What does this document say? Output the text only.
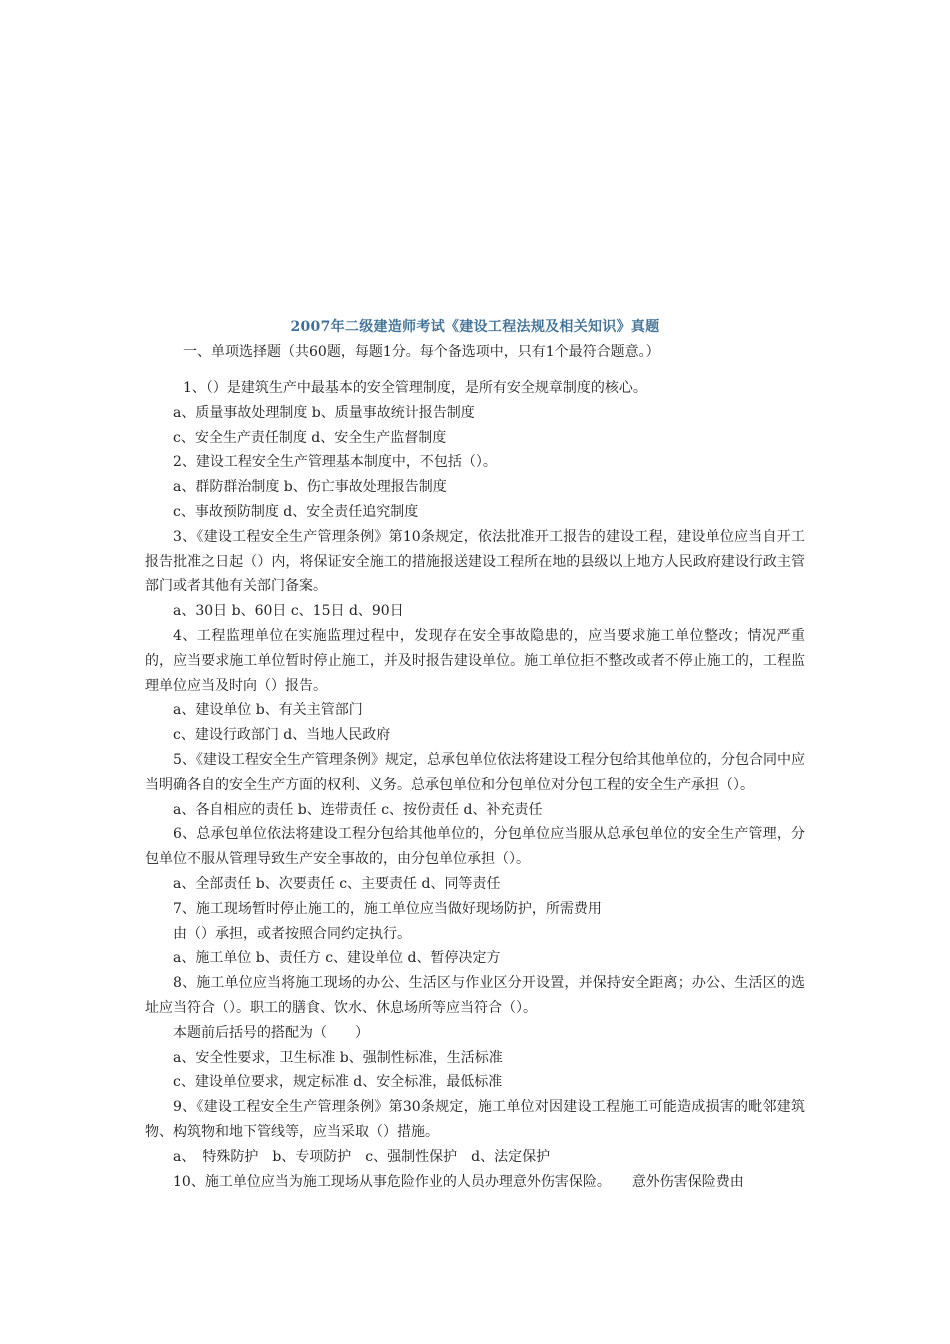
2007年二级建造师考试《建设工程法规及相关知识》真题
一、单项选择题（共60题，每题1分。每个备选项中，只有1个最符合题意。）

1、（）是建筑生产中最基本的安全管理制度，是所有安全规章制度的核心。

a、质量事故处理制度 b、质量事故统计报告制度

c、安全生产责任制度 d、安全生产监督制度

2、建设工程安全生产管理基本制度中，不包括（）。

a、群防群治制度 b、伤亡事故处理报告制度

c、事故预防制度 d、安全责任追究制度

3、《建设工程安全生产管理条例》第10条规定，依法批准开工报告的建设工程，建设单位应当自开工报告批准之日起（）内，将保证安全施工的措施报送建设工程所在地的县级以上地方人民政府建设行政主管部门或者其他有关部门备案。

a、30日 b、60日 c、15日 d、90日

4、工程监理单位在实施监理过程中，发现存在安全事故隐患的，应当要求施工单位整改；情况严重的，应当要求施工单位暂时停止施工，并及时报告建设单位。施工单位拒不整改或者不停止施工的，工程监理单位应当及时向（）报告。

a、建设单位 b、有关主管部门

c、建设行政部门 d、当地人民政府

5、《建设工程安全生产管理条例》规定，总承包单位依法将建设工程分包给其他单位的，分包合同中应当明确各自的安全生产方面的权利、义务。总承包单位和分包单位对分包工程的安全生产承担（）。

a、各自相应的责任 b、连带责任 c、按份责任 d、补充责任

6、总承包单位依法将建设工程分包给其他单位的，分包单位应当服从总承包单位的安全生产管理，分包单位不服从管理导致生产安全事故的，由分包单位承担（）。

a、全部责任 b、次要责任 c、主要责任 d、同等责任

7、施工现场暂时停止施工的，施工单位应当做好现场防护，所需费用

由（）承担，或者按照合同约定执行。

a、施工单位 b、责任方 c、建设单位 d、暂停决定方

8、施工单位应当将施工现场的办公、生活区与作业区分开设置，并保持安全距离；办公、生活区的选址应当符合（）。职工的膳食、饮水、休息场所等应当符合（）。

本题前后括号的搭配为（　　）

a、安全性要求，卫生标准 b、强制性标准，生活标准

c、建设单位要求，规定标准 d、安全标准，最低标准

9、《建设工程安全生产管理条例》第30条规定，施工单位对因建设工程施工可能造成损害的毗邻建筑物、构筑物和地下管线等，应当采取（）措施。

a、　特殊防护　b、专项防护　c、强制性保护　d、法定保护

10、施工单位应当为施工现场从事危险作业的人员办理意外伤害保险。　　意外伤害保险费由
